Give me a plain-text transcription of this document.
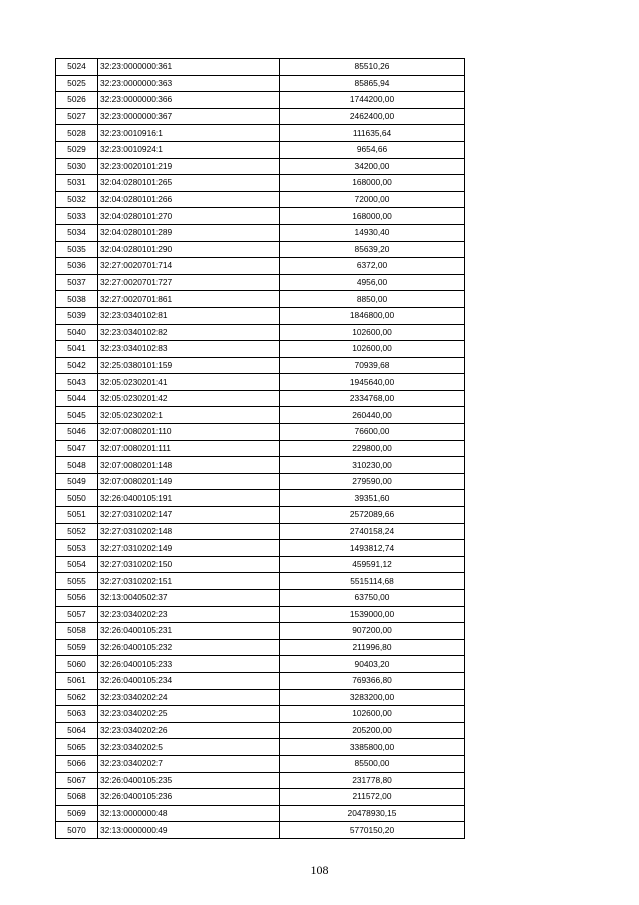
5024	32:23:0000000:361	85510,26
5025	32:23:0000000:363	85865,94
5026	32:23:0000000:366	1744200,00
5027	32:23:0000000:367	2462400,00
5028	32:23:0010916:1	111635,64
5029	32:23:0010924:1	9654,66
5030	32:23:0020101:219	34200,00
5031	32:04:0280101:265	168000,00
5032	32:04:0280101:266	72000,00
5033	32:04:0280101:270	168000,00
5034	32:04:0280101:289	14930,40
5035	32:04:0280101:290	85639,20
5036	32:27:0020701:714	6372,00
5037	32:27:0020701:727	4956,00
5038	32:27:0020701:861	8850,00
5039	32:23:0340102:81	1846800,00
5040	32:23:0340102:82	102600,00
5041	32:23:0340102:83	102600,00
5042	32:25:0380101:159	70939,68
5043	32:05:0230201:41	1945640,00
5044	32:05:0230201:42	2334768,00
5045	32:05:0230202:1	260440,00
5046	32:07:0080201:110	76600,00
5047	32:07:0080201:111	229800,00
5048	32:07:0080201:148	310230,00
5049	32:07:0080201:149	279590,00
5050	32:26:0400105:191	39351,60
5051	32:27:0310202:147	2572089,66
5052	32:27:0310202:148	2740158,24
5053	32:27:0310202:149	1493812,74
5054	32:27:0310202:150	459591,12
5055	32:27:0310202:151	5515114,68
5056	32:13:0040502:37	63750,00
5057	32:23:0340202:23	1539000,00
5058	32:26:0400105:231	907200,00
5059	32:26:0400105:232	211996,80
5060	32:26:0400105:233	90403,20
5061	32:26:0400105:234	769366,80
5062	32:23:0340202:24	3283200,00
5063	32:23:0340202:25	102600,00
5064	32:23:0340202:26	205200,00
5065	32:23:0340202:5	3385800,00
5066	32:23:0340202:7	85500,00
5067	32:26:0400105:235	231778,80
5068	32:26:0400105:236	211572,00
5069	32:13:0000000:48	20478930,15
5070	32:13:0000000:49	5770150,20
108
